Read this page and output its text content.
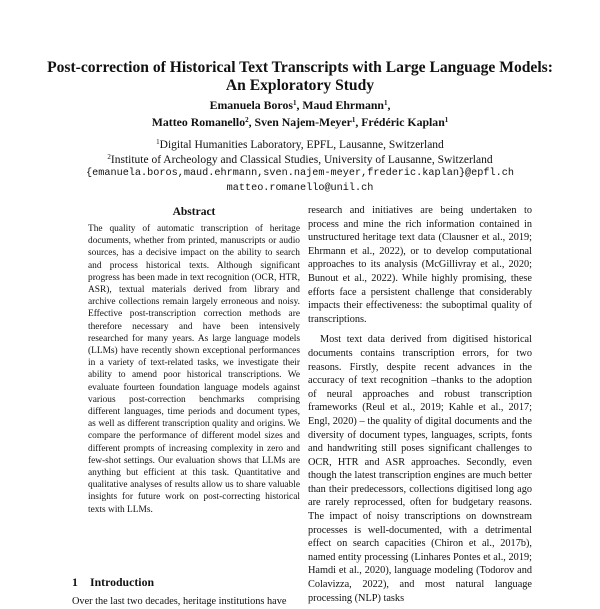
Post-correction of Historical Text Transcripts with Large Language Models:
An Exploratory Study
Emanuela Boros$^1$, Maud Ehrmann$^1$,
Matteo Romanello$^2$, Sven Najem-Meyer$^1$, Frédéric Kaplan$^1$
$^1$Digital Humanities Laboratory, EPFL, Lausanne, Switzerland
$^2$Institute of Archeology and Classical Studies, University of Lausanne, Switzerland
{emanuela.boros,maud.ehrmann,sven.najem-meyer,frederic.kaplan}@epfl.ch
matteo.romanello@unil.ch
Abstract
The quality of automatic transcription of heritage documents, whether from printed, manuscripts or audio sources, has a decisive impact on the ability to search and process historical texts. Although significant progress has been made in text recognition (OCR, HTR, ASR), textual materials derived from library and archive collections remain largely erroneous and noisy. Effective post-transcription correction methods are therefore necessary and have been intensively researched for many years. As large language models (LLMs) have recently shown exceptional performances in a variety of text-related tasks, we investigate their ability to amend poor historical transcriptions. We evaluate fourteen foundation language models against various post-correction benchmarks comprising different languages, time periods and document types, as well as different transcription quality and origins. We compare the performance of different model sizes and different prompts of increasing complexity in zero and few-shot settings. Our evaluation shows that LLMs are anything but efficient at this task. Quantitative and qualitative analyses of results allow us to share valuable insights for future work on post-correcting historical texts with LLMs.
1 Introduction
Over the last two decades, heritage institutions have

research and initiatives are being undertaken to process and mine the rich information contained in unstructured heritage text data (Clausner et al., 2019; Ehrmann et al., 2022), or to develop computational approaches to its analysis (McGillivray et al., 2020; Bunout et al., 2022). While highly promising, these efforts face a persistent challenge that considerably impacts their effectiveness: the suboptimal quality of transcriptions.

Most text data derived from digitised historical documents contains transcription errors, for two reasons. Firstly, despite recent advances in the accuracy of text recognition –thanks to the adoption of neural approaches and robust transcription frameworks (Reul et al., 2019; Kahle et al., 2017; Engl, 2020) – the quality of digital documents and the diversity of document types, languages, scripts, fonts and handwriting still poses significant challenges to OCR, HTR and ASR approaches. Secondly, even though the latest transcription engines are much better than their predecessors, collections digitised long ago are rarely reprocessed, often for budgetary reasons. The impact of noisy transcriptions on downstream processes is well-documented, with a detrimental effect on search capacities (Chiron et al., 2017b), named entity processing (Linhares Pontes et al., 2019; Hamdi et al., 2020), language modeling (Todorov and Colavizza, 2022), and most natural language processing (NLP) tasks
